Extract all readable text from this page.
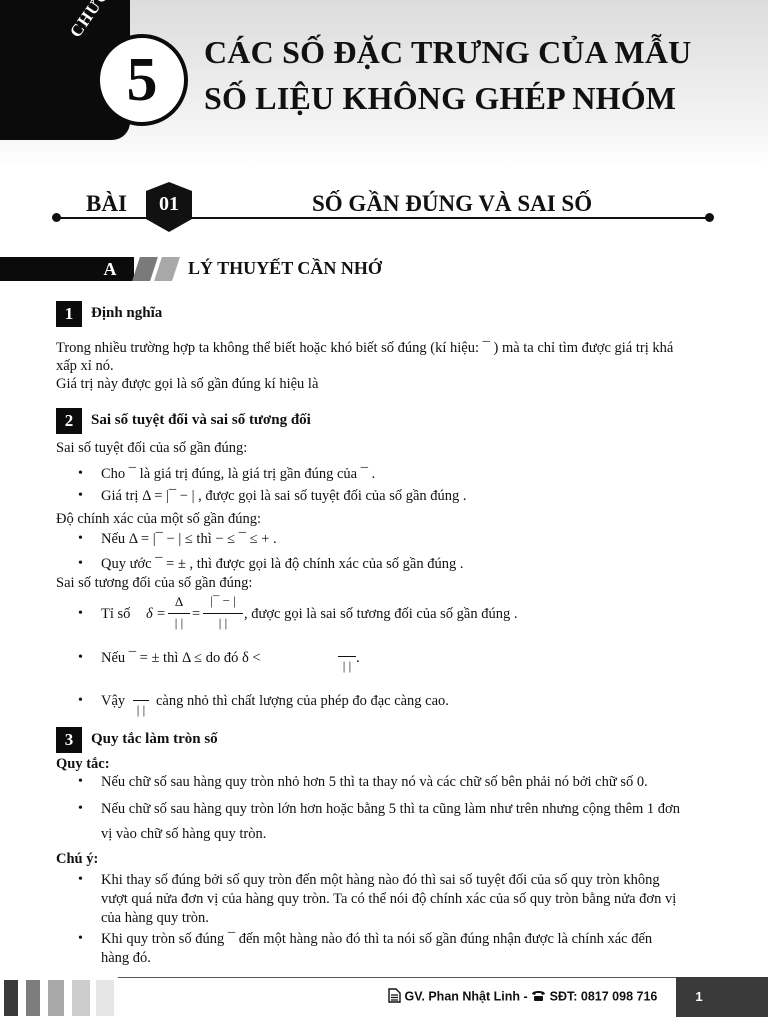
5	CÁC SỐ ĐẶC TRƯNG CỦA MẪU
SỐ LIỆU KHÔNG GHÉP NHÓM
BÀI	01	SỐ GẦN ĐÚNG VÀ SAI SỐ
A	LÝ THUYẾT CẦN NHỚ
1	Định nghĩa
Trong nhiều trường hợp ta không thể biết hoặc khó biết số đúng (kí hiệu: ¯ ) mà ta chỉ tìm được giá trị khá
xấp xỉ nó.
Giá trị này được gọi là số gần đúng kí hiệu là
2	Sai số tuyệt đối và sai số tương đối
Sai số tuyệt đối của số gần đúng:
• Cho ¯ là giá trị đúng, là giá trị gần đúng của ¯ .
• Giá trị Δ = |¯ − | , được gọi là sai số tuyệt đối của số gần đúng .
Độ chính xác của một số gần đúng:
• Nếu Δ = |¯ − | ≤ thì − ≤ ¯ ≤ + .
• Quy ước ¯ = ± , thì được gọi là độ chính xác của số gần đúng .
Sai số tương đối của số gần đúng:
• Tỉ số δ =
Δ
| |
=
|¯ − |
| |
, được gọi là sai số tương đối của số gần đúng .
• Nếu ¯ = ± thì Δ ≤ do đó δ <	| | .
• Vậy
| |
càng nhỏ thì chất lượng của phép đo đạc càng cao.
3	Quy tắc làm tròn số
Quy tắc:
• Nếu chữ số sau hàng quy tròn nhỏ hơn 5 thì ta thay nó và các chữ số bên phải nó bởi chữ số 0.
• Nếu chữ số sau hàng quy tròn lớn hơn hoặc bằng 5 thì ta cũng làm như trên nhưng cộng thêm 1 đơn
vị vào chữ số hàng quy tròn.
Chú ý:
• Khi thay số đúng bởi số quy tròn đến một hàng nào đó thì sai số tuyệt đối của số quy tròn không
vượt quá nửa đơn vị của hàng quy tròn. Ta có thể nói độ chính xác của số quy tròn bằng nửa đơn vị
của hàng quy tròn.
• Khi quy tròn số đúng ¯ đến một hàng nào đó thì ta nói số gần đúng nhận được là chính xác đến
hàng đó.
GV. Phan Nhật Linh - SĐT: 0817 098 716	1
